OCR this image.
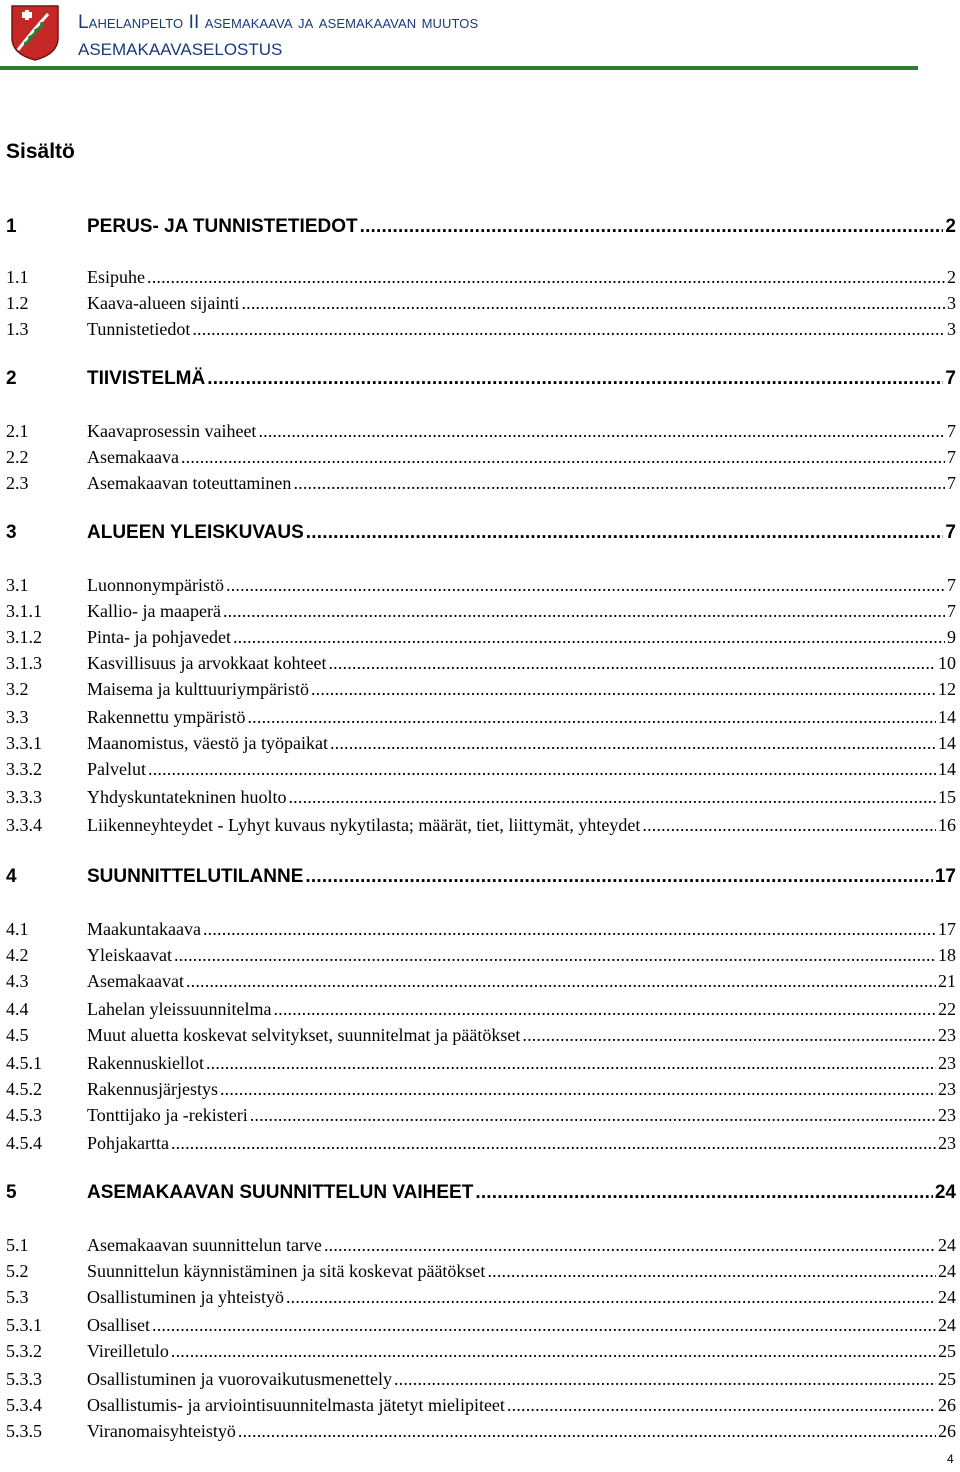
Lahelanpelto II asemakaava ja asemakaavan muutos
ASEMAKAAVASELOSTUS
Sisältö
1	PERUS- JA TUNNISTETIEDOT .....	2
1.1	Esipuhe .....	2
1.2	Kaava-alueen sijainti .....	3
1.3	Tunnistetiedot .....	3
2	TIIVISTELMÄ .....	7
2.1	Kaavaprosessin vaiheet .....	7
2.2	Asemakaava .....	7
2.3	Asemakaavan toteuttaminen .....	7
3	ALUEEN YLEISKUVAUS .....	7
3.1	Luonnonympäristö .....	7
3.1.1	Kallio- ja maaperä .....	7
3.1.2	Pinta- ja pohjavedet .....	9
3.1.3	Kasvillisuus ja arvokkaat kohteet .....	10
3.2	Maisema ja kulttuuriympäristö .....	12
3.3	Rakennettu ympäristö .....	14
3.3.1	Maanomistus, väestö ja työpaikat .....	14
3.3.2	Palvelut .....	14
3.3.3	Yhdyskuntatekninen huolto .....	15
3.3.4	Liikenneyhteydet - Lyhyt kuvaus nykytilasta; määrät, tiet, liittymät, yhteydet .....	16
4	SUUNNITTELUTILANNE .....	17
4.1	Maakuntakaava .....	17
4.2	Yleiskaavat .....	18
4.3	Asemakaavat .....	21
4.4	Lahelan yleissuunnitelma .....	22
4.5	Muut aluetta koskevat selvitykset, suunnitelmat ja päätökset .....	23
4.5.1	Rakennuskiellot .....	23
4.5.2	Rakennusjärjestys .....	23
4.5.3	Tonttijako ja -rekisteri .....	23
4.5.4	Pohjakartta .....	23
5	ASEMAKAAVAN SUUNNITTELUN VAIHEET .....	24
5.1	Asemakaavan suunnittelun tarve .....	24
5.2	Suunnittelun käynnistäminen ja sitä koskevat päätökset .....	24
5.3	Osallistuminen ja yhteistyö .....	24
5.3.1	Osalliset .....	24
5.3.2	Vireilletulo .....	25
5.3.3	Osallistuminen ja vuorovaikutusmenettely .....	25
5.3.4	Osallistumis- ja arviointisuunnitelmasta jätetyt mielipiteet .....	26
5.3.5	Viranomaisyhteistyö .....	26
4
